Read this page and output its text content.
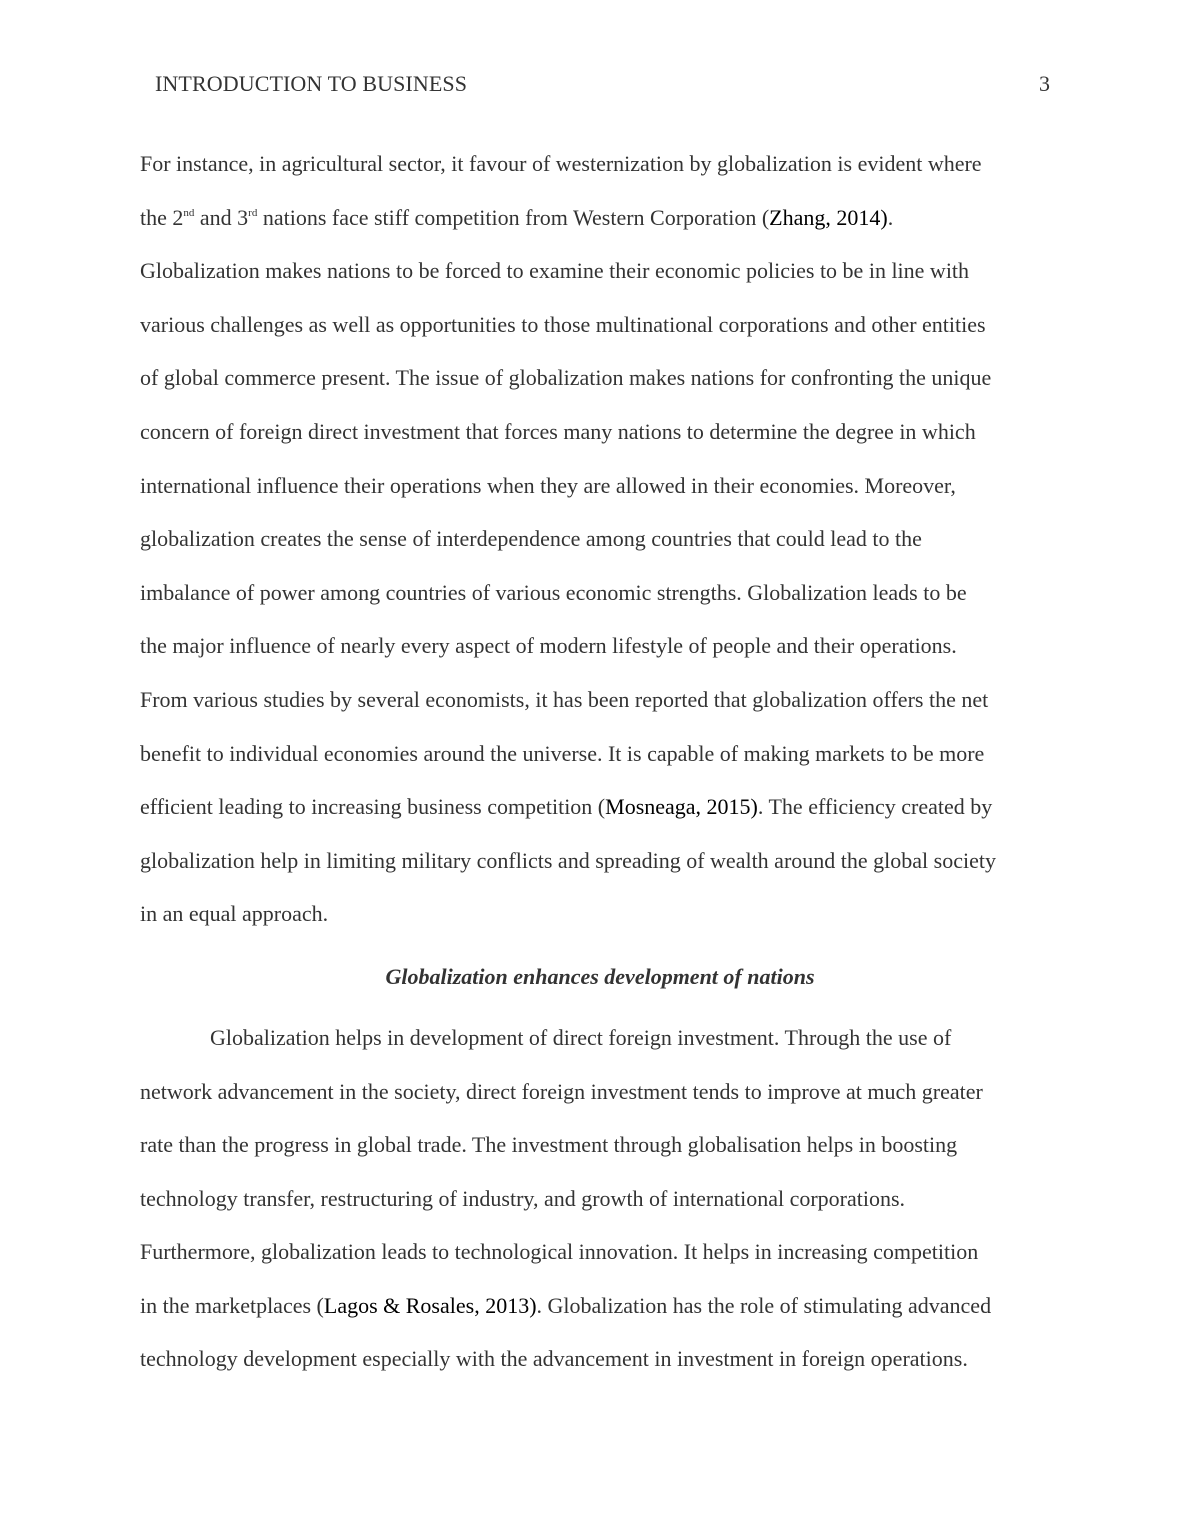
INTRODUCTION TO BUSINESS	3
For instance, in agricultural sector, it favour of westernization by globalization is evident where
the 2nd and 3rd nations face stiff competition from Western Corporation (Zhang, 2014).
Globalization makes nations to be forced to examine their economic policies to be in line with
various challenges as well as opportunities to those multinational corporations and other entities
of global commerce present. The issue of globalization makes nations for confronting the unique
concern of foreign direct investment that forces many nations to determine the degree in which
international influence their operations when they are allowed in their economies. Moreover,
globalization creates the sense of interdependence among countries that could lead to the
imbalance of power among countries of various economic strengths. Globalization leads to be
the major influence of nearly every aspect of modern lifestyle of people and their operations.
From various studies by several economists, it has been reported that globalization offers the net
benefit to individual economies around the universe. It is capable of making markets to be more
efficient leading to increasing business competition (Mosneaga, 2015). The efficiency created by
globalization help in limiting military conflicts and spreading of wealth around the global society
in an equal approach.
Globalization enhances development of nations
Globalization helps in development of direct foreign investment. Through the use of
network advancement in the society, direct foreign investment tends to improve at much greater
rate than the progress in global trade. The investment through globalisation helps in boosting
technology transfer, restructuring of industry, and growth of international corporations.
Furthermore, globalization leads to technological innovation. It helps in increasing competition
in the marketplaces (Lagos & Rosales, 2013). Globalization has the role of stimulating advanced
technology development especially with the advancement in investment in foreign operations.
